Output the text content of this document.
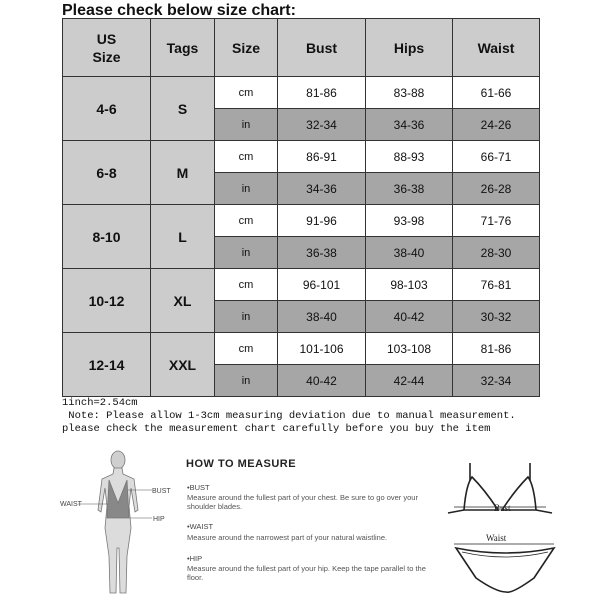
Please check below size chart:
US
Size	Tags	Size	Bust	Hips	Waist
4-6	S	cm	81-86	83-88	61-66
		in	32-34	34-36	24-26
6-8	M	cm	86-91	88-93	66-71
		in	34-36	36-38	26-28
8-10	L	cm	91-96	93-98	71-76
		in	36-38	38-40	28-30
10-12	XL	cm	96-101	98-103	76-81
		in	38-40	40-42	30-32
12-14	XXL	cm	101-106	103-108	81-86
		in	40-42	42-44	32-34
1inch=2.54cm
Note: Please allow 1-3cm measuring deviation due to manual measurement.
please check the measurement chart carefully before you buy the item
BUST
WAIST
HIP
HOW TO MEASURE
•BUST
Measure around the fullest part of your chest. Be sure to go over your shoulder blades.
•WAIST
Measure around the narrowest part of your natural waistline.
•HIP
Measure around the fullest part of your hip. Keep the tape parallel to the floor.
Bust
Waist
